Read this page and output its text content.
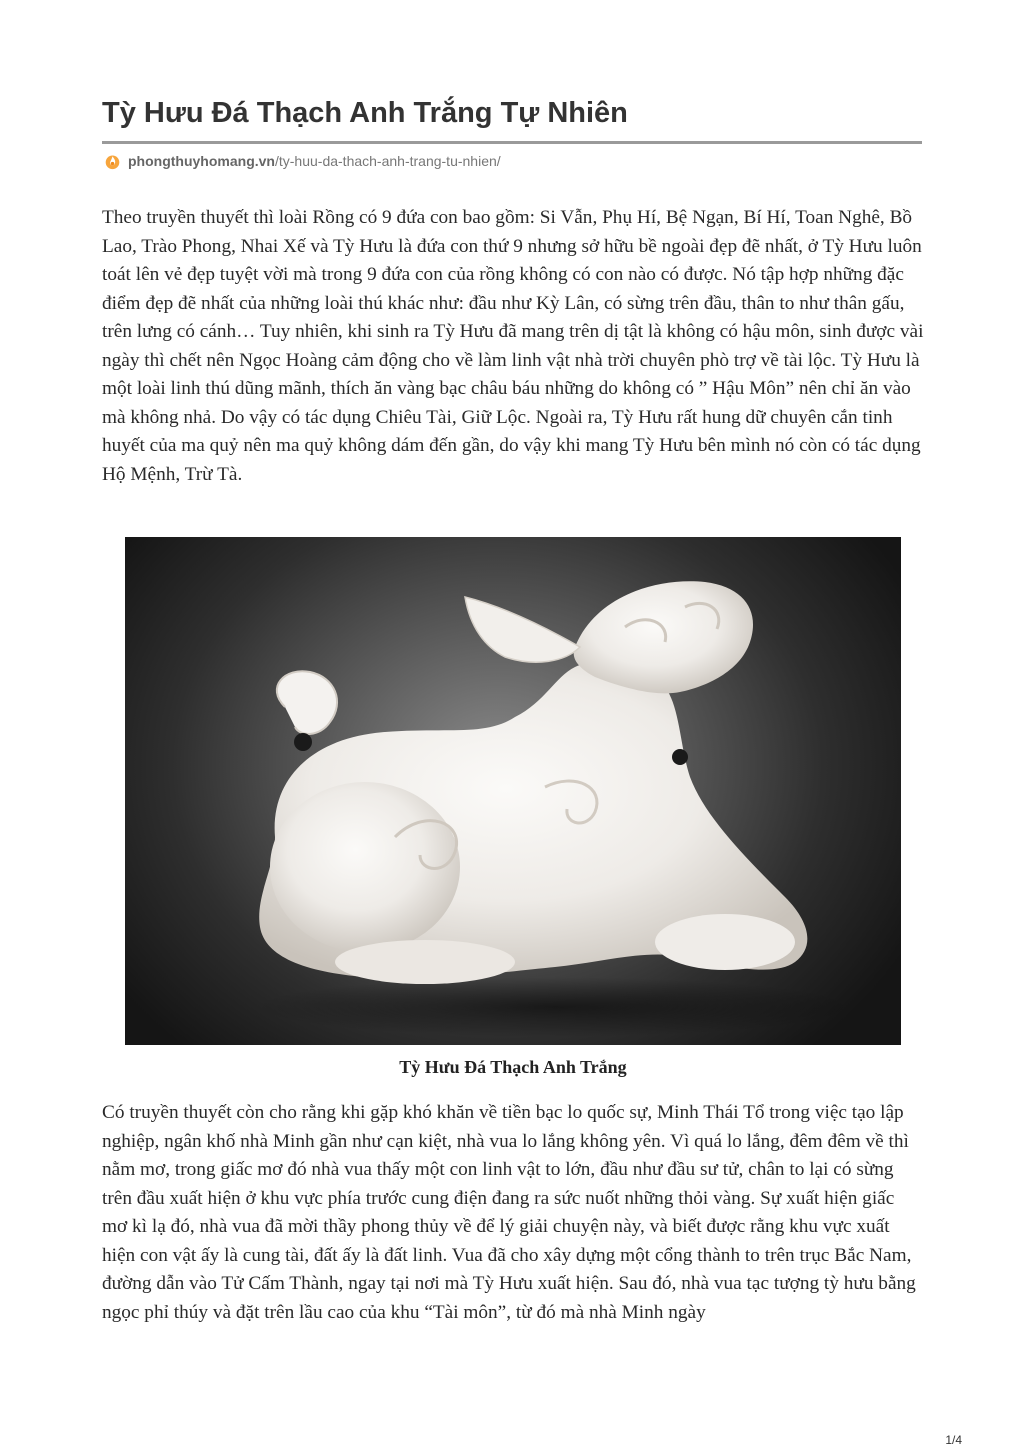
Tỳ Hưu Đá Thạch Anh Trắng Tự Nhiên
phongthuyhomang.vn /ty-huu-da-thach-anh-trang-tu-nhien/

Theo truyền thuyết thì loài Rồng có 9 đứa con bao gồm: Si Vẫn, Phụ Hí, Bệ Ngạn, Bí Hí, Toan Nghê, Bồ Lao, Trào Phong, Nhai Xế và Tỳ Hưu là đứa con thứ 9 nhưng sở hữu bề ngoài đẹp đẽ nhất, ở Tỳ Hưu luôn toát lên vẻ đẹp tuyệt vời mà trong 9 đứa con của rồng không có con nào có được. Nó tập hợp những đặc điểm đẹp đẽ nhất của những loài thú khác như: đầu như Kỳ Lân, có sừng trên đầu, thân to như thân gấu, trên lưng có cánh… Tuy nhiên, khi sinh ra Tỳ Hưu đã mang trên dị tật là không có hậu môn, sinh được vài ngày thì chết nên Ngọc Hoàng cảm động cho về làm linh vật nhà trời chuyên phò trợ về tài lộc. Tỳ Hưu là một loài linh thú dũng mãnh, thích ăn vàng bạc châu báu những do không có ” Hậu Môn” nên chỉ ăn vào mà không nhả. Do vậy có tác dụng Chiêu Tài, Giữ Lộc. Ngoài ra, Tỳ Hưu rất hung dữ chuyên cắn tinh huyết của ma quỷ nên ma quỷ không dám đến gần, do vậy khi mang Tỳ Hưu bên mình nó còn có tác dụng Hộ Mệnh, Trừ Tà.

Tỳ Hưu Đá Thạch Anh Trắng

Có truyền thuyết còn cho rằng khi gặp khó khăn về tiền bạc lo quốc sự, Minh Thái Tổ trong việc tạo lập nghiệp, ngân khố nhà Minh gần như cạn kiệt, nhà vua lo lắng không yên. Vì quá lo lắng, đêm đêm về thì nằm mơ, trong giấc mơ đó nhà vua thấy một con linh vật to lớn, đầu như đầu sư tử, chân to lại có sừng trên đầu xuất hiện ở khu vực phía trước cung điện đang ra sức nuốt những thỏi vàng. Sự xuất hiện giấc mơ kì lạ đó, nhà vua đã mời thầy phong thủy về để lý giải chuyện này, và biết được rằng khu vực xuất hiện con vật ấy là cung tài, đất ấy là đất linh. Vua đã cho xây dựng một cổng thành to trên trục Bắc Nam, đường dẫn vào Tử Cấm Thành, ngay tại nơi mà Tỳ Hưu xuất hiện. Sau đó, nhà vua tạc tượng tỳ hưu bằng ngọc phỉ thúy và đặt trên lầu cao của khu “Tài môn”, từ đó mà nhà Minh ngày

1/4
